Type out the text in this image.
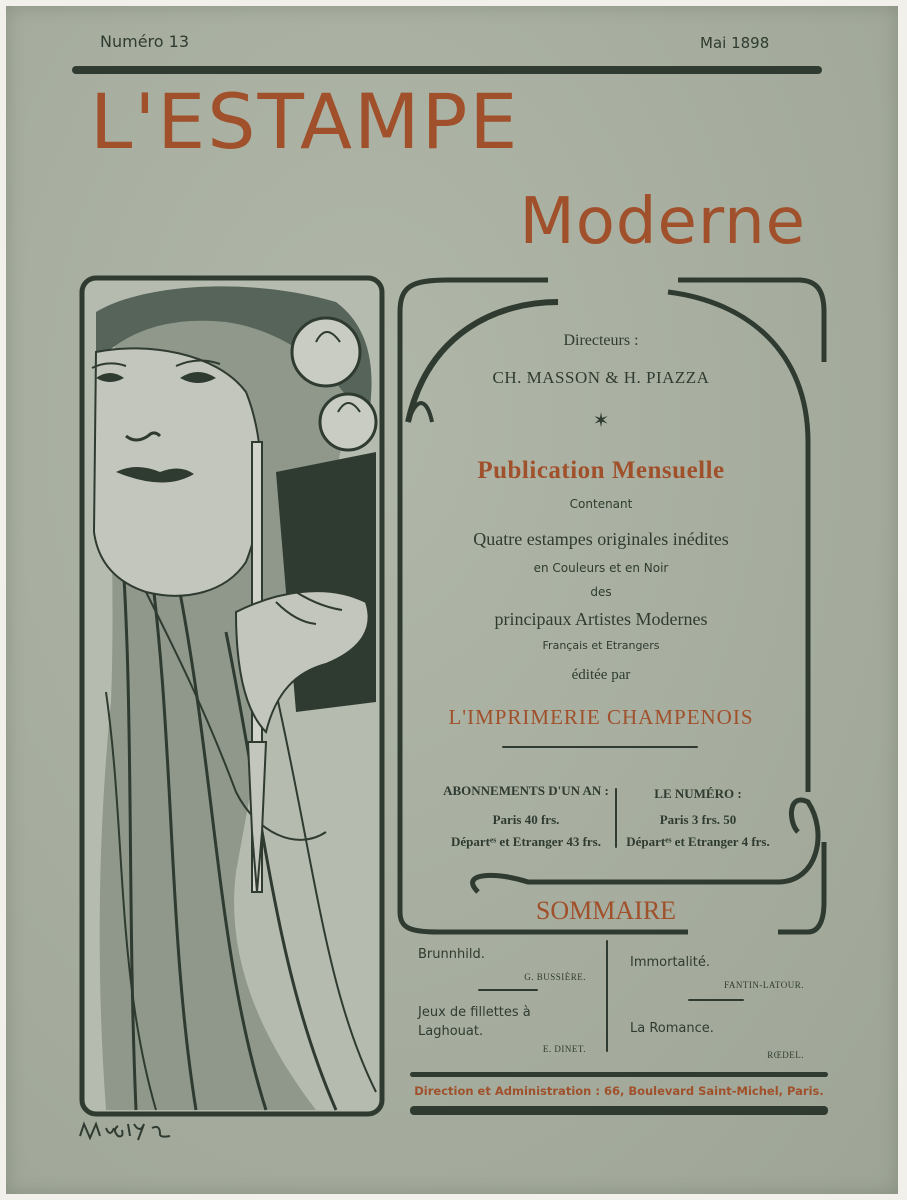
Numéro 13	Mai 1898
L'ESTAMPE
Moderne
Directeurs :
CH. MASSON & H. PIAZZA
✶
Publication Mensuelle
Contenant
Quatre estampes originales inédites
en Couleurs et en Noir
des
principaux Artistes Modernes
Français et Etrangers
éditée par
L'IMPRIMERIE CHAMPENOIS
ABONNEMENTS D'UN AN :
Paris 40 frs.
Départᵉˢ et Etranger 43 frs.
LE NUMÉRO :
Paris 3 frs. 50
Départᵉˢ et Etranger 4 frs.
SOMMAIRE
Brunnhild.
G. BUSSIÈRE.
Jeux de fillettes à Laghouat.
E. DINET.
Immortalité.
FANTIN-LATOUR.
La Romance.
RŒDEL.
Direction et Administration : 66, Boulevard Saint-Michel, Paris.
